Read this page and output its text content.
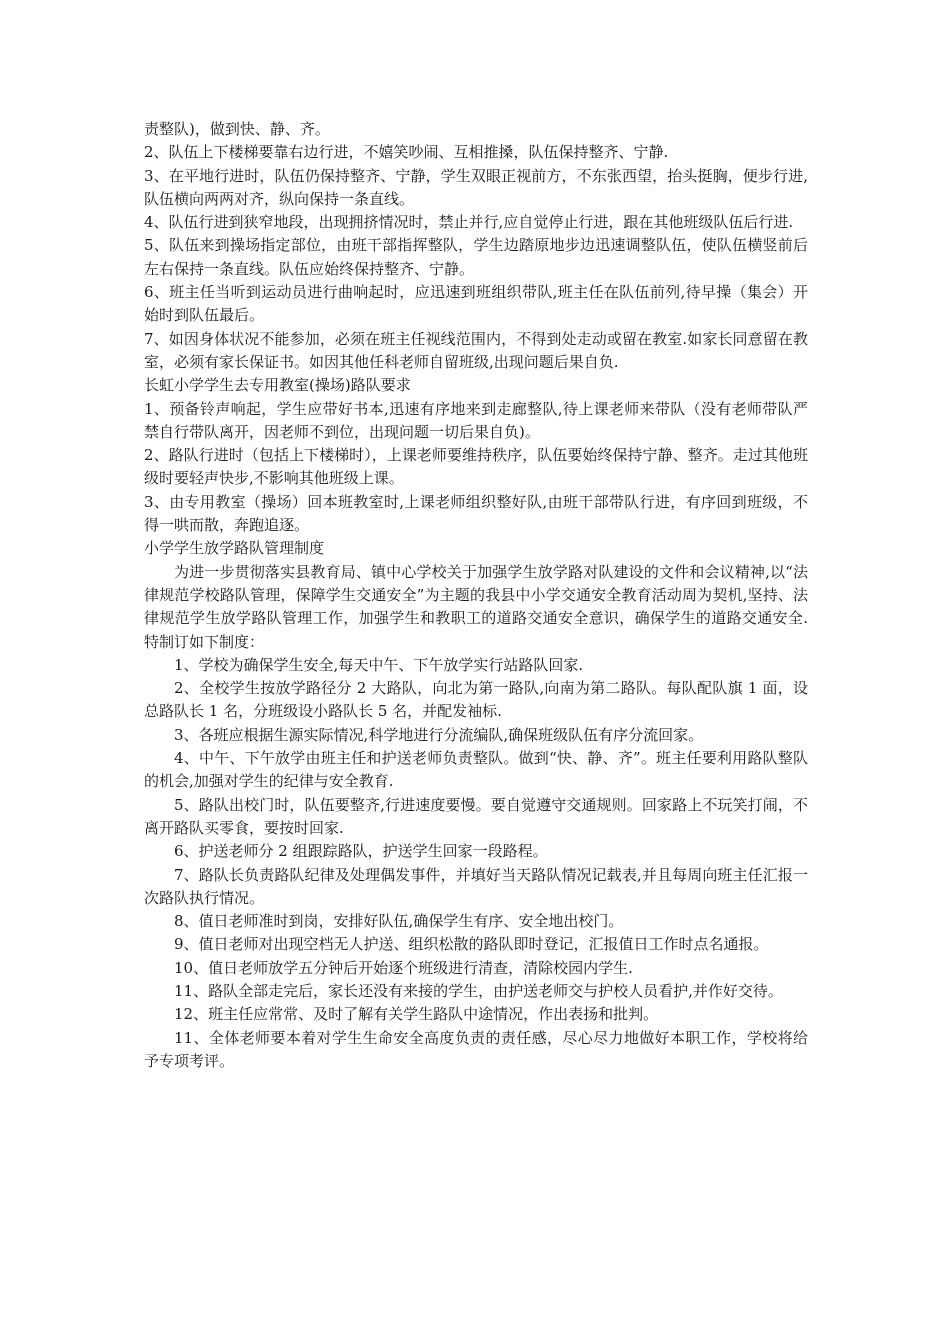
责整队)，做到快、静、齐。

2、队伍上下楼梯要靠右边行进，不嬉笑吵闹、互相推搡，队伍保持整齐、宁静.

3、在平地行进时，队伍仍保持整齐、宁静，学生双眼正视前方，不东张西望，抬头挺胸，便步行进,队伍横向两两对齐，纵向保持一条直线。

4、队伍行进到狭窄地段，出现拥挤情况时，禁止并行,应自觉停止行进，跟在其他班级队伍后行进.

5、队伍来到操场指定部位，由班干部指挥整队，学生边踏原地步边迅速调整队伍，使队伍横竖前后左右保持一条直线。队伍应始终保持整齐、宁静。

6、班主任当听到运动员进行曲响起时，应迅速到班组织带队,班主任在队伍前列,待早操（集会）开始时到队伍最后。

7、如因身体状况不能参加，必须在班主任视线范围内，不得到处走动或留在教室.如家长同意留在教室，必须有家长保证书。如因其他任科老师自留班级,出现问题后果自负.

长虹小学学生去专用教室(操场)路队要求

1、预备铃声响起，学生应带好书本,迅速有序地来到走廊整队,待上课老师来带队（没有老师带队严禁自行带队离开，因老师不到位，出现问题一切后果自负)。

2、路队行进时（包括上下楼梯时），上课老师要维持秩序，队伍要始终保持宁静、整齐。走过其他班级时要轻声快步,不影响其他班级上课。

3、由专用教室（操场）回本班教室时,上课老师组织整好队,由班干部带队行进，有序回到班级，不得一哄而散，奔跑追逐。

小学学生放学路队管理制度

为进一步贯彻落实县教育局、镇中心学校关于加强学生放学路对队建设的文件和会议精神,以“法律规范学校路队管理，保障学生交通安全”为主题的我县中小学交通安全教育活动周为契机,坚持、法律规范学生放学路队管理工作，加强学生和教职工的道路交通安全意识，确保学生的道路交通安全.特制订如下制度：

1、学校为确保学生安全,每天中午、下午放学实行站路队回家.

2、全校学生按放学路径分 2 大路队，向北为第一路队,向南为第二路队。每队配队旗 1 面，设总路队长 1 名，分班级设小路队长 5 名，并配发袖标.

3、各班应根据生源实际情况,科学地进行分流编队,确保班级队伍有序分流回家。

4、中午、下午放学由班主任和护送老师负责整队。做到“快、静、齐”。班主任要利用路队整队的机会,加强对学生的纪律与安全教育.

5、路队出校门时，队伍要整齐,行进速度要慢。要自觉遵守交通规则。回家路上不玩笑打闹，不离开路队买零食，要按时回家.

6、护送老师分 2 组跟踪路队，护送学生回家一段路程。

7、路队长负责路队纪律及处理偶发事件，并填好当天路队情况记载表,并且每周向班主任汇报一次路队执行情况。

8、值日老师准时到岗，安排好队伍,确保学生有序、安全地出校门。

9、值日老师对出现空档无人护送、组织松散的路队即时登记，汇报值日工作时点名通报。

10、值日老师放学五分钟后开始逐个班级进行清查，清除校园内学生.

11、路队全部走完后，家长还没有来接的学生，由护送老师交与护校人员看护,并作好交待。

12、班主任应常常、及时了解有关学生路队中途情况，作出表扬和批判。

11、全体老师要本着对学生生命安全高度负责的责任感，尽心尽力地做好本职工作，学校将给予专项考评。
